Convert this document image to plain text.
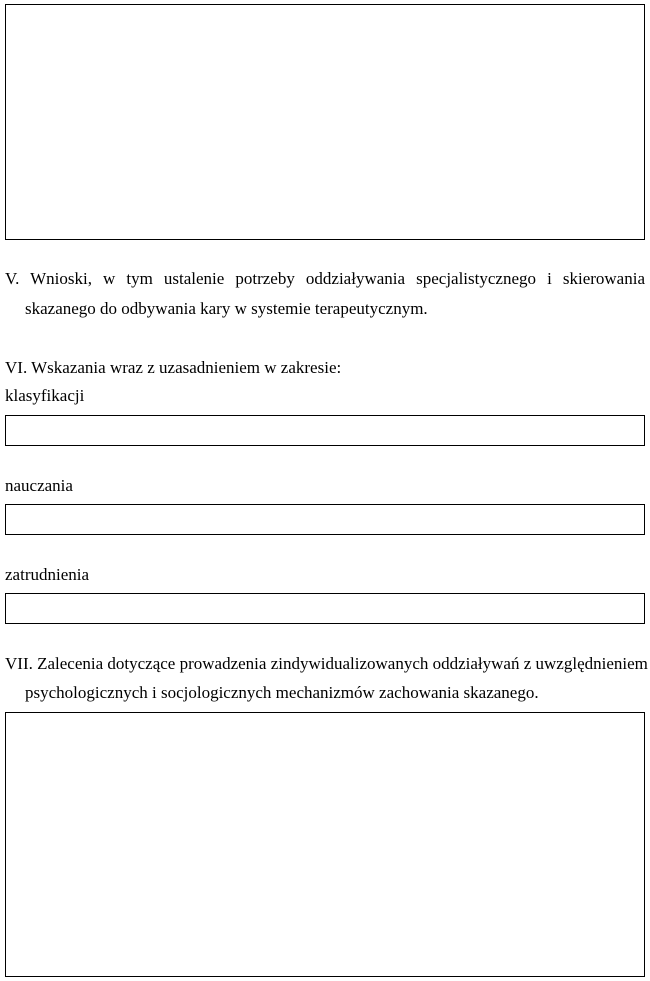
V. Wnioski, w tym ustalenie potrzeby oddziaływania specjalistycznego i skierowania
skazanego do odbywania kary w systemie terapeutycznym.
VI. Wskazania wraz z uzasadnieniem w zakresie:
klasyfikacji
nauczania
zatrudnienia
VII. Zalecenia dotyczące prowadzenia zindywidualizowanych oddziaływań z uwzględnieniem
psychologicznych i socjologicznych mechanizmów zachowania skazanego.
